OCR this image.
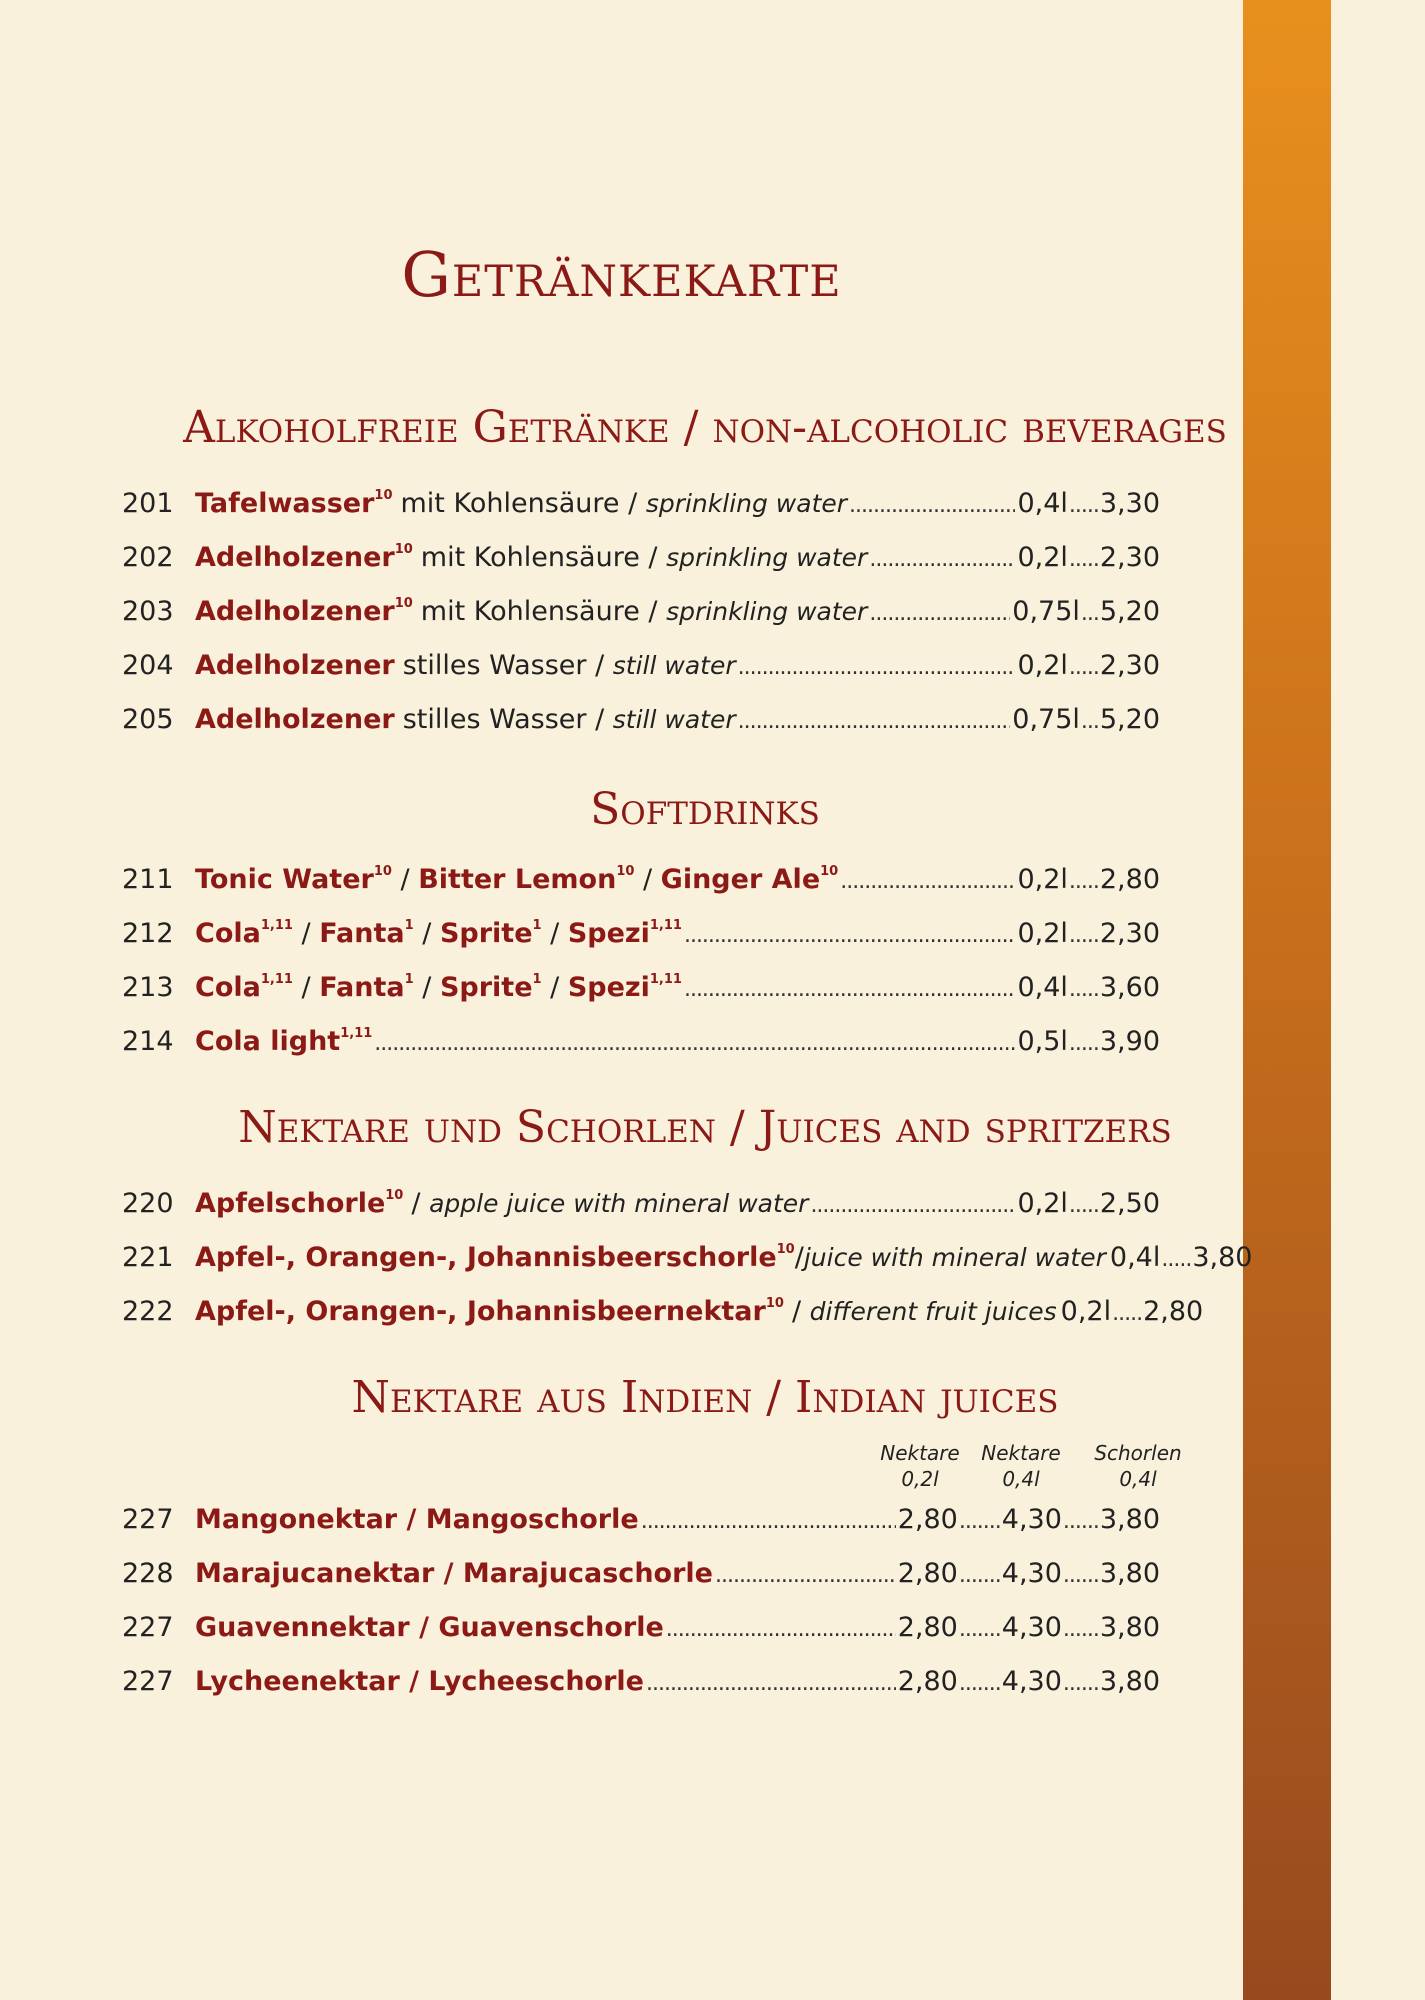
Getränkekarte
Alkoholfreie Getränke / non-alcoholic beverages
201 Tafelwasser$^{10}$ mit Kohlensäure / sprinkling water .....	0,4l ..... 3,30
202 Adelholzener$^{10}$ mit Kohlensäure / sprinkling water .....	0,2l ..... 2,30
203 Adelholzener$^{10}$ mit Kohlensäure / sprinkling water .....	0,75l ... 5,20
204 Adelholzener stilles Wasser / still water .....	0,2l ..... 2,30
205 Adelholzener stilles Wasser / still water .....	0,75l ... 5,20
Softdrinks
211 Tonic Water$^{10}$ / Bitter Lemon$^{10}$ / Ginger Ale$^{10}$ .....	0,2l ..... 2,80
212 Cola$^{1,11}$ / Fanta$^1$ / Sprite$^1$ / Spezi$^{1,11}$ .....	0,2l ..... 2,30
213 Cola$^{1,11}$ / Fanta$^1$ / Sprite$^1$ / Spezi$^{1,11}$ .....	0,4l ..... 3,60
214 Cola light$^{1,11}$ .....	0,5l ..... 3,90
Nektare und Schorlen / Juices and spritzers
220 Apfelschorle$^{10}$ / apple juice with mineral water .....	0,2l ..... 2,50
221 Apfel-, Orangen-, Johannisbeerschorle$^{10}$ /juice with mineral water 0,4l ..... 3,80
222 Apfel-, Orangen-, Johannisbeernektar$^{10}$ / different fruit juices 0,2l ..... 2,80
Nektare aus Indien / Indian juices
Nektare
0,2l
Nektare
0,4l
Schorlen
0,4l
227 Mangonektar / Mangoschorle .....	2,80 ....... 4,30 ...... 3,80
228 Marajucanektar / Marajucaschorle .....	2,80 ....... 4,30 ...... 3,80
227 Guavennektar / Guavenschorle .....	2,80 ....... 4,30 ...... 3,80
227 Lycheenektar / Lycheeschorle .....	2,80 ....... 4,30 ...... 3,80
